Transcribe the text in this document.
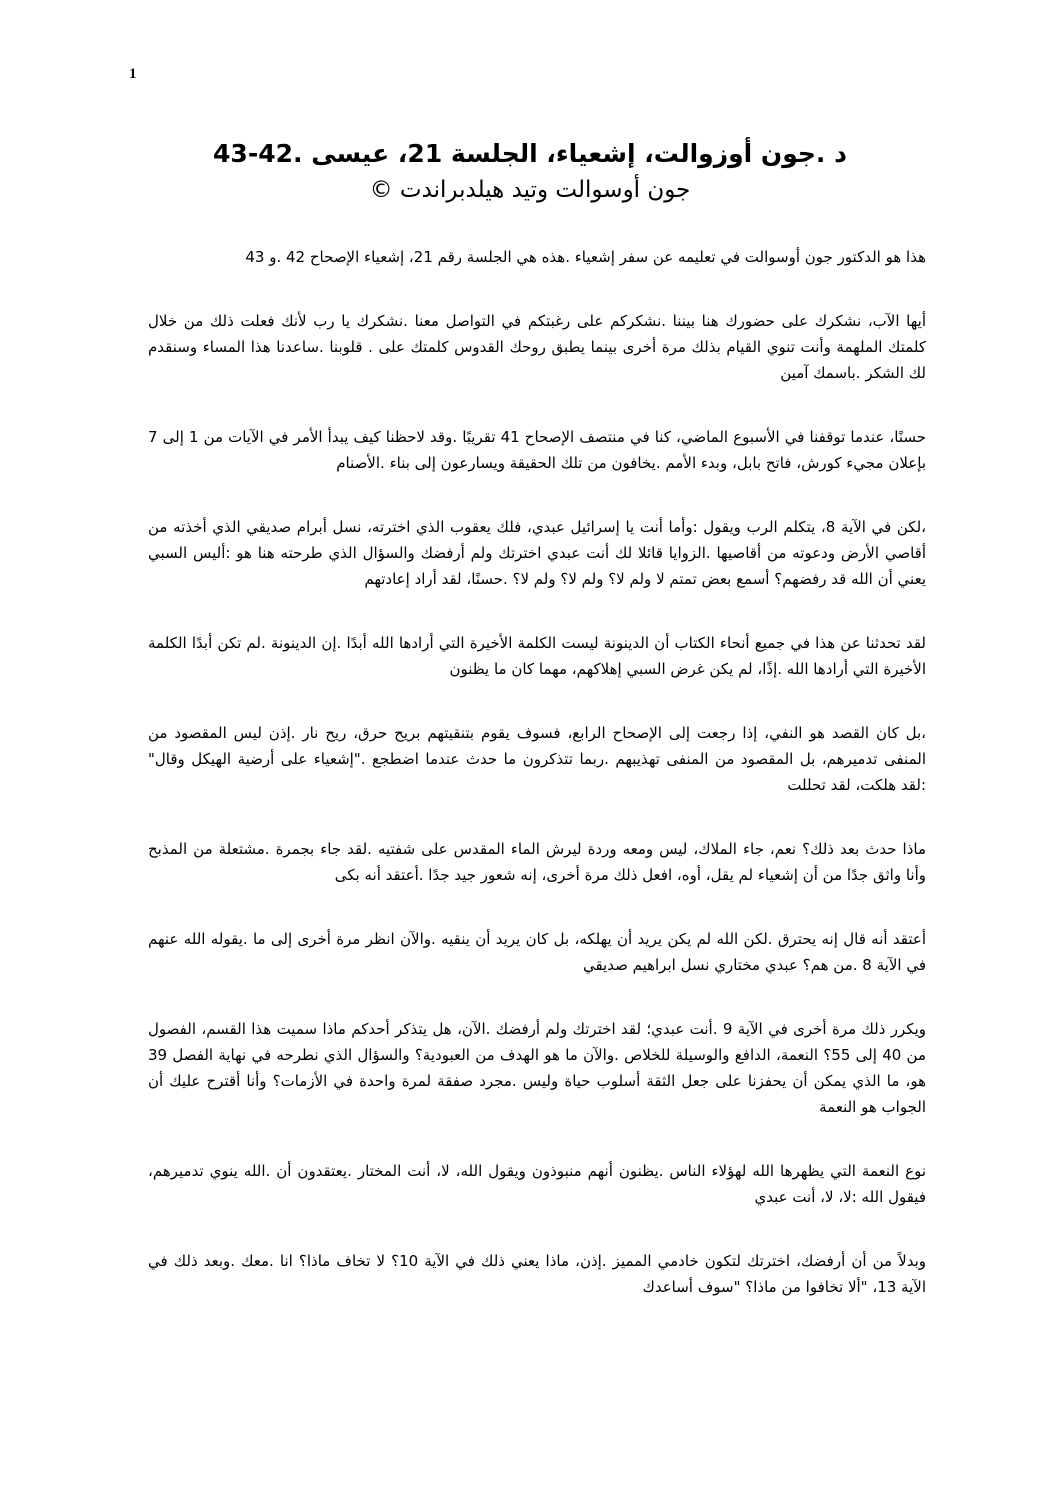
1

د .جون أوزوالت، إشعياء، الجلسة 21، عيسى .42-43

جون أوسوالت وتيد هيلدبراندت ©

هذا هو الدكتور جون أوسوالت في تعليمه عن سفر إشعياء .هذه هي الجلسة رقم 21، إشعياء الإصحاح 42 .و 43

أيها الآب، نشكرك على حضورك هنا بيننا .نشكركم على رغبتكم في التواصل معنا .نشكرك يا رب لأنك فعلت ذلك من خلال كلمتك الملهمة وأنت تنوي القيام بذلك مرة أخرى بينما يطبق روحك القدوس كلمتك على . قلوبنا .ساعدنا هذا المساء وسنقدم لك الشكر .باسمك آمين

حسنًا، عندما توقفنا في الأسبوع الماضي، كنا في منتصف الإصحاح 41 تقريبًا .وقد لاحظنا كيف يبدأ الأمر في الآيات من 1 إلى 7 بإعلان مجيء كورش، فاتح بابل، وبدء الأمم .يخافون من تلك الحقيقة ويسارعون إلى بناء .الأصنام

،لكن في الآية 8، يتكلم الرب ويقول :وأما أنت يا إسرائيل عبدي، فلك يعقوب الذي اخترته، نسل أبرام صديقي الذي أخذته من أقاصي الأرض ودعوته من أقاصيها .الزوايا قائلا لك أنت عبدي اخترتك ولم أرفضك والسؤال الذي طرحته هنا هو :أليس السبي يعني أن الله قد رفضهم؟ أسمع بعض تمتم لا ولم لا؟ ولم لا؟ ولم لا؟ .حسنًا، لقد أراد إعادتهم

لقد تحدثنا عن هذا في جميع أنحاء الكتاب أن الدينونة ليست الكلمة الأخيرة التي أرادها الله أبدًا .إن الدينونة .لم تكن أبدًا الكلمة الأخيرة التي أرادها الله .إذًا، لم يكن غرض السبي إهلاكهم، مهما كان ما يظنون

،بل كان القصد هو النفي، إذا رجعت إلى الإصحاح الرابع، فسوف يقوم بتنقيتهم بريح حرق، ريح نار .إذن ليس المقصود من المنفى تدميرهم، بل المقصود من المنفى تهذيبهم .ربما تتذكرون ما حدث عندما اضطجع ."إشعياء على أرضية الهيكل وقال" :لقد هلكت، لقد تحللت

ماذا حدث بعد ذلك؟ نعم، جاء الملاك، ليس ومعه وردة ليرش الماء المقدس على شفتيه .لقد جاء بجمرة .مشتعلة من المذبح وأنا واثق جدًا من أن إشعياء لم يقل، أوه، افعل ذلك مرة أخرى، إنه شعور جيد جدًا .أعتقد أنه بكى

أعتقد أنه قال إنه يحترق .لكن الله لم يكن يريد أن يهلكه، بل كان يريد أن ينقيه .والآن انظر مرة أخرى إلى ما .يقوله الله عنهم في الآية 8 .من هم؟ عبدي مختاري نسل ابراهيم صديقي

ويكرر ذلك مرة أخرى في الآية 9 .أنت عبدي؛ لقد اخترتك ولم أرفضك .الآن، هل يتذكر أحدكم ماذا سميت هذا القسم، الفصول من 40 إلى 55؟ النعمة، الدافع والوسيلة للخلاص .والآن ما هو الهدف من العبودية؟ والسؤال الذي نطرحه في نهاية الفصل 39 هو، ما الذي يمكن أن يحفزنا على جعل الثقة أسلوب حياة وليس .مجرد صفقة لمرة واحدة في الأزمات؟ وأنا أقترح عليك أن الجواب هو النعمة

نوع النعمة التي يظهرها الله لهؤلاء الناس .يظنون أنهم منبوذون ويقول الله، لا، أنت المختار .يعتقدون أن .الله ينوي تدميرهم، فيقول الله :لا، لا، أنت عبدي

وبدلاً من أن أرفضك، اخترتك لتكون خادمي المميز .إذن، ماذا يعني ذلك في الآية 10؟ لا تخاف ماذا؟ انا .معك .وبعد ذلك في الآية 13، "ألا تخافوا من ماذا؟ "سوف أساعدك
